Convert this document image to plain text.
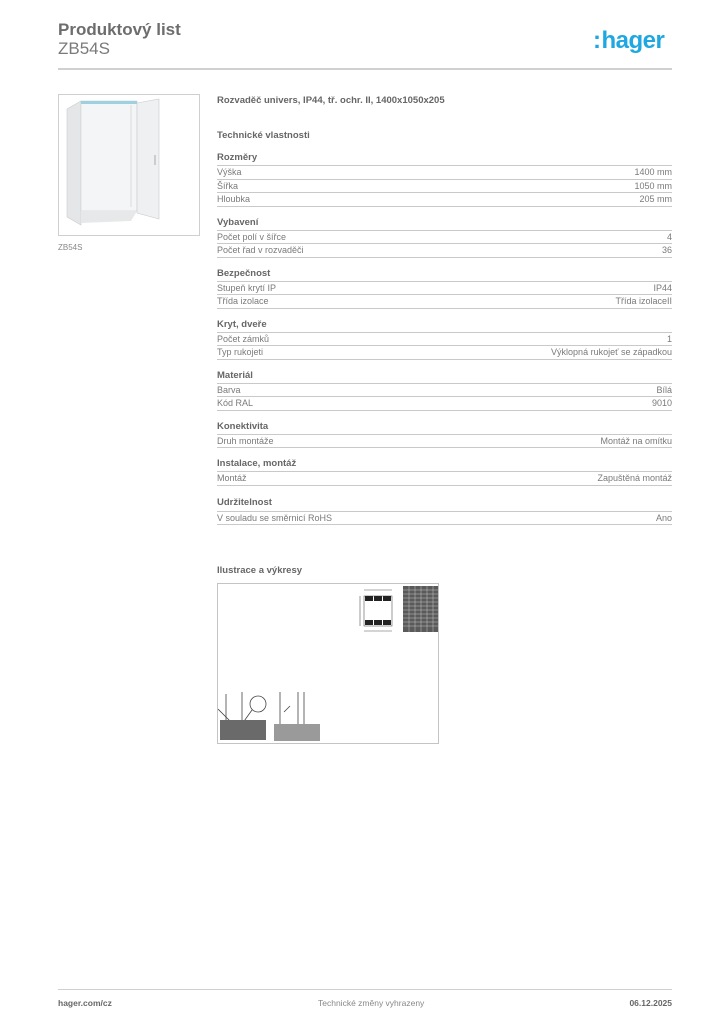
Produktový list
ZB54S	:hager
ZB54S
Rozvaděč univers, IP44, tř. ochr. II, 1400x1050x205
Technické vlastnosti
Rozměry
Výška	1400 mm
Šířka	1050 mm
Hloubka	205 mm
Vybavení
Počet polí v šířce	4
Počet řad v rozvaděči	36
Bezpečnost
Stupeň krytí IP	IP44
Třída izolace	Třída izolaceII
Kryt, dveře
Počet zámků	1
Typ rukojeti	Výklopná rukojeť se západkou
Materiál
Barva	Bílá
Kód RAL	9010
Konektivita
Druh montáže	Montáž na omítku
Instalace, montáž
Montáž	Zapuštěná montáž
Udržitelnost
V souladu se směrnicí RoHS	Ano
Ilustrace a výkresy
hager.com/cz	Technické změny vyhrazeny	06.12.2025
